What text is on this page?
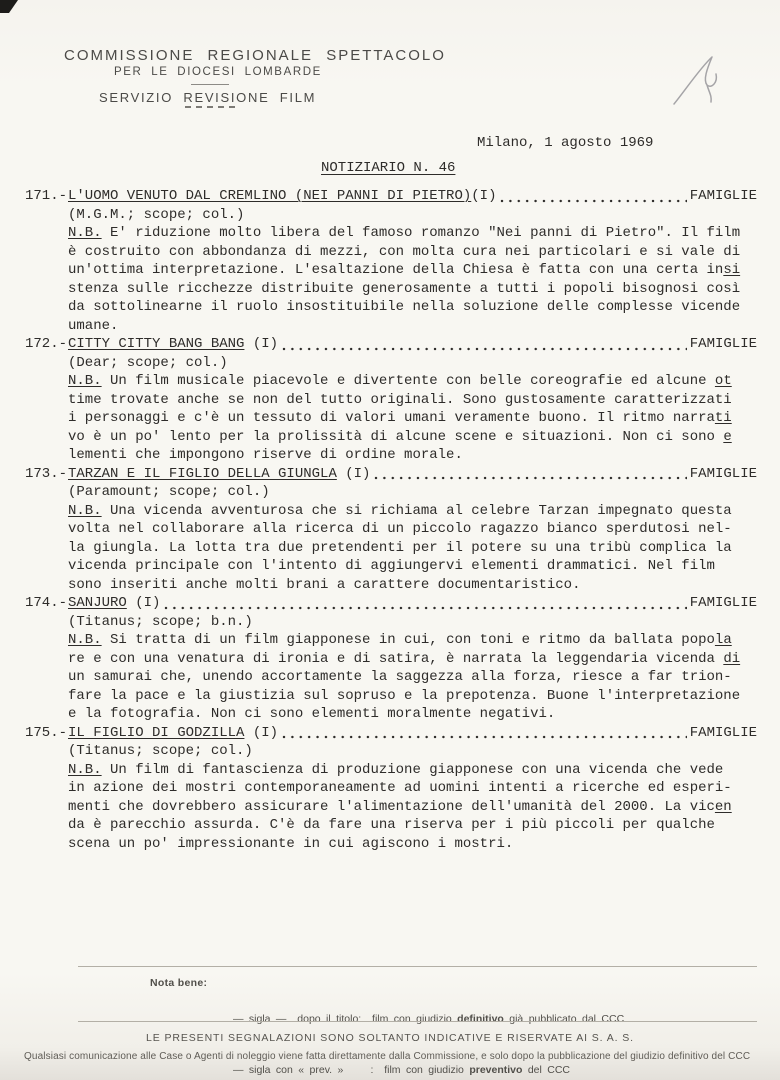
COMMISSIONE REGIONALE SPETTACOLO
PER LE DIOCESI LOMBARDE
SERVIZIO REVISIONE FILM
Milano, 1 agosto 1969
NOTIZIARIO N. 46
171.- L'UOMO VENUTO DAL CREMLINO (NEI PANNI DI PIETRO) (I)	FAMIGLIE
(M.G.M.; scope; col.)
N.B. E' riduzione molto libera del famoso romanzo "Nei panni di Pietro". Il film
è costruito con abbondanza di mezzi, con molta cura nei particolari e si vale di
un'ottima interpretazione. L'esaltazione della Chiesa è fatta con una certa insi
stenza sulle ricchezze distribuite generosamente a tutti i popoli bisognosi così
da sottolinearne il ruolo insostituibile nella soluzione delle complesse vicende
umane.
172.- CITTY CITTY BANG BANG (I)	FAMIGLIE
(Dear; scope; col.)
N.B. Un film musicale piacevole e divertente con belle coreografie ed alcune ot
time trovate anche se non del tutto originali. Sono gustosamente caratterizzati
i personaggi e c'è un tessuto di valori umani veramente buono. Il ritmo narrati
vo è un po' lento per la prolissità di alcune scene e situazioni. Non ci sono e
lementi che impongono riserve di ordine morale.
173.- TARZAN E IL FIGLIO DELLA GIUNGLA (I)	FAMIGLIE
(Paramount; scope; col.)
N.B. Una vicenda avventurosa che si richiama al celebre Tarzan impegnato questa
volta nel collaborare alla ricerca di un piccolo ragazzo bianco sperdutosi nel-
la giungla. La lotta tra due pretendenti per il potere su una tribù complica la
vicenda principale con l'intento di aggiungervi elementi drammatici. Nel film
sono inseriti anche molti brani a carattere documentaristico.
174.- SANJURO (I)	FAMIGLIE
(Titanus; scope; b.n.)
N.B. Si tratta di un film giapponese in cui, con toni e ritmo da ballata popola
re e con una venatura di ironia e di satira, è narrata la leggendaria vicenda di
un samurai che, unendo accortamente la saggezza alla forza, riesce a far trion-
fare la pace e la giustizia sul sopruso e la prepotenza. Buone l'interpretazione
e la fotografia. Non ci sono elementi moralmente negativi.
175.- IL FIGLIO DI GODZILLA (I)	FAMIGLIE
(Titanus; scope; col.)
N.B. Un film di fantascienza di produzione giapponese con una vicenda che vede
in azione dei mostri contemporaneamente ad uomini intenti a ricerche ed esperi-
menti che dovrebbero assicurare l'alimentazione dell'umanità del 2000. La vicen
da è parecchio assurda. C'è da fare una riserva per i più piccoli per qualche
scena un po' impressionante in cui agiscono i mostri.
Nota bene:

— sigla —  dopo il titolo:  film con giudizio definitivo già pubblicato dal CCC

— sigla con « prev. »     :  film con giudizio preventivo del CCC

LE PRESENTI SEGNALAZIONI SONO SOLTANTO INDICATIVE E RISERVATE AI S. A. S.
Qualsiasi comunicazione alle Case o Agenti di noleggio viene fatta direttamente dalla Commissione, e solo dopo la pubblicazione del giudizio definitivo del CCC
